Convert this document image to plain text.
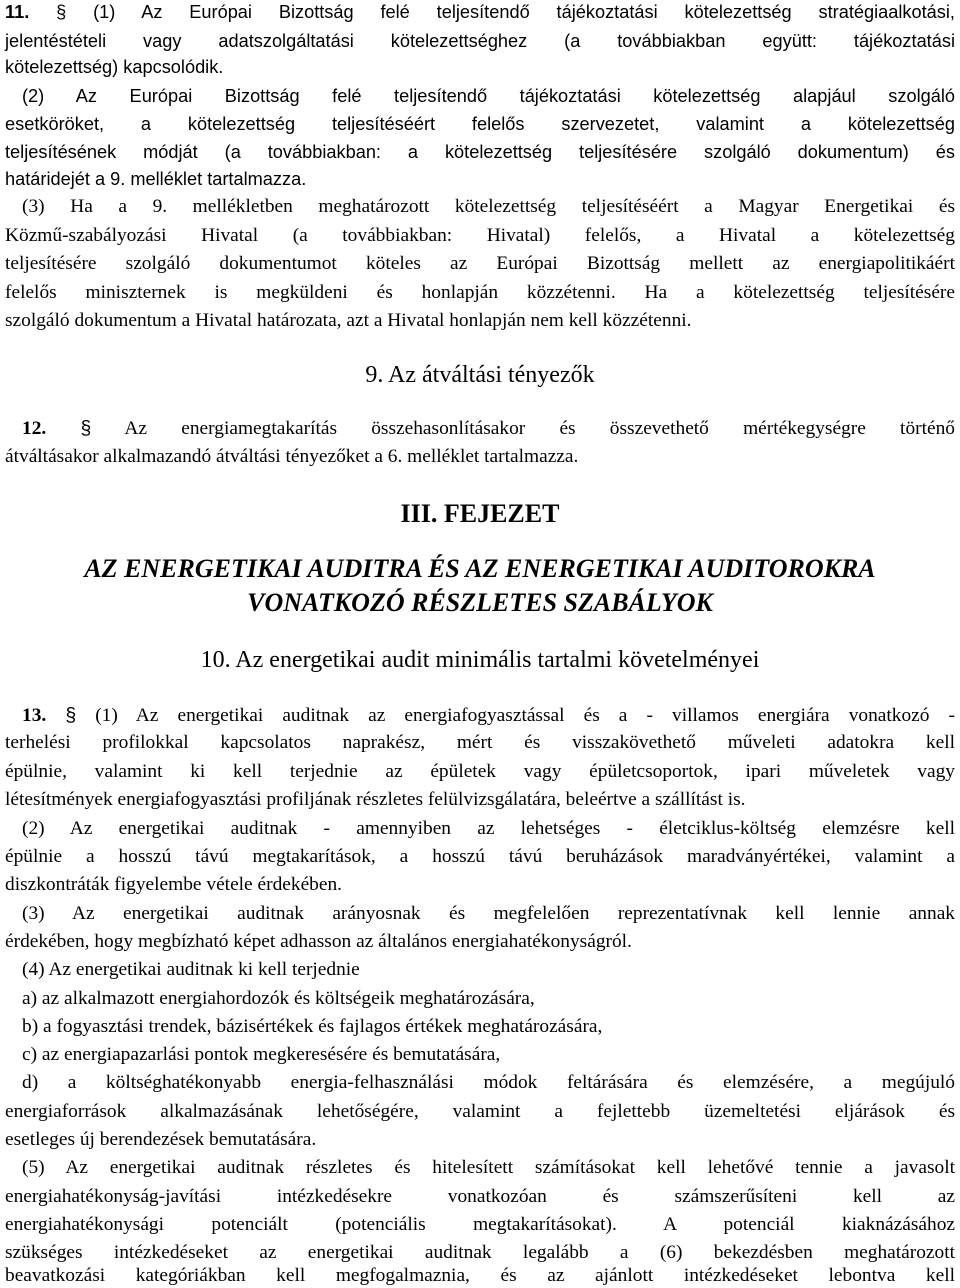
11. § (1) Az Európai Bizottság felé teljesítendő tájékoztatási kötelezettség stratégiaalkotási,
jelentéstételi vagy adatszolgáltatási kötelezettséghez (a továbbiakban együtt: tájékoztatási
kötelezettség) kapcsolódik.
(2) Az Európai Bizottság felé teljesítendő tájékoztatási kötelezettség alapjául szolgáló
esetköröket, a kötelezettség teljesítéséért felelős szervezetet, valamint a kötelezettség
teljesítésének módját (a továbbiakban: a kötelezettség teljesítésére szolgáló dokumentum) és
határidejét a 9. melléklet tartalmazza.
(3) Ha a 9. mellékletben meghatározott kötelezettség teljesítéséért a Magyar Energetikai és
Közmű-szabályozási Hivatal (a továbbiakban: Hivatal) felelős, a Hivatal a kötelezettség
teljesítésére szolgáló dokumentumot köteles az Európai Bizottság mellett az energiapolitikáért
felelős miniszternek is megküldeni és honlapján közzétenni. Ha a kötelezettség teljesítésére
szolgáló dokumentum a Hivatal határozata, azt a Hivatal honlapján nem kell közzétenni.
9. Az átváltási tényezők
12. § Az energiamegtakarítás összehasonlításakor és összevethető mértékegységre történő
átváltásakor alkalmazandó átváltási tényezőket a 6. melléklet tartalmazza.
III. FEJEZET
AZ ENERGETIKAI AUDITRA ÉS AZ ENERGETIKAI AUDITOROKRA
VONATKOZÓ RÉSZLETES SZABÁLYOK
10. Az energetikai audit minimális tartalmi követelményei
13. § (1) Az energetikai auditnak az energiafogyasztással és a - villamos energiára vonatkozó -
terhelési profilokkal kapcsolatos naprakész, mért és visszakövethető műveleti adatokra kell
épülnie, valamint ki kell terjednie az épületek vagy épületcsoportok, ipari műveletek vagy
létesítmények energiafogyasztási profiljának részletes felülvizsgálatára, beleértve a szállítást is.
(2) Az energetikai auditnak - amennyiben az lehetséges - életciklus-költség elemzésre kell
épülnie a hosszú távú megtakarítások, a hosszú távú beruházások maradványértékei, valamint a
diszkontráták figyelembe vétele érdekében.
(3) Az energetikai auditnak arányosnak és megfelelően reprezentatívnak kell lennie annak
érdekében, hogy megbízható képet adhasson az általános energiahatékonyságról.
(4) Az energetikai auditnak ki kell terjednie
a) az alkalmazott energiahordozók és költségeik meghatározására,
b) a fogyasztási trendek, bázisértékek és fajlagos értékek meghatározására,
c) az energiapazarlási pontok megkeresésére és bemutatására,
d) a költséghatékonyabb energia-felhasználási módok feltárására és elemzésére, a megújuló
energiaforrások alkalmazásának lehetőségére, valamint a fejlettebb üzemeltetési eljárások és
esetleges új berendezések bemutatására.
(5) Az energetikai auditnak részletes és hitelesített számításokat kell lehetővé tennie a javasolt
energiahatékonyság-javítási intézkedésekre vonatkozóan és számszerűsíteni kell az
energiahatékonysági potenciált (potenciális megtakarításokat). A potenciál kiaknázásához
szükséges intézkedéseket az energetikai auditnak legalább a (6) bekezdésben meghatározott
beavatkozási kategóriákban kell megfogalmaznia, és az ajánlott intézkedéseket lebontva kell
